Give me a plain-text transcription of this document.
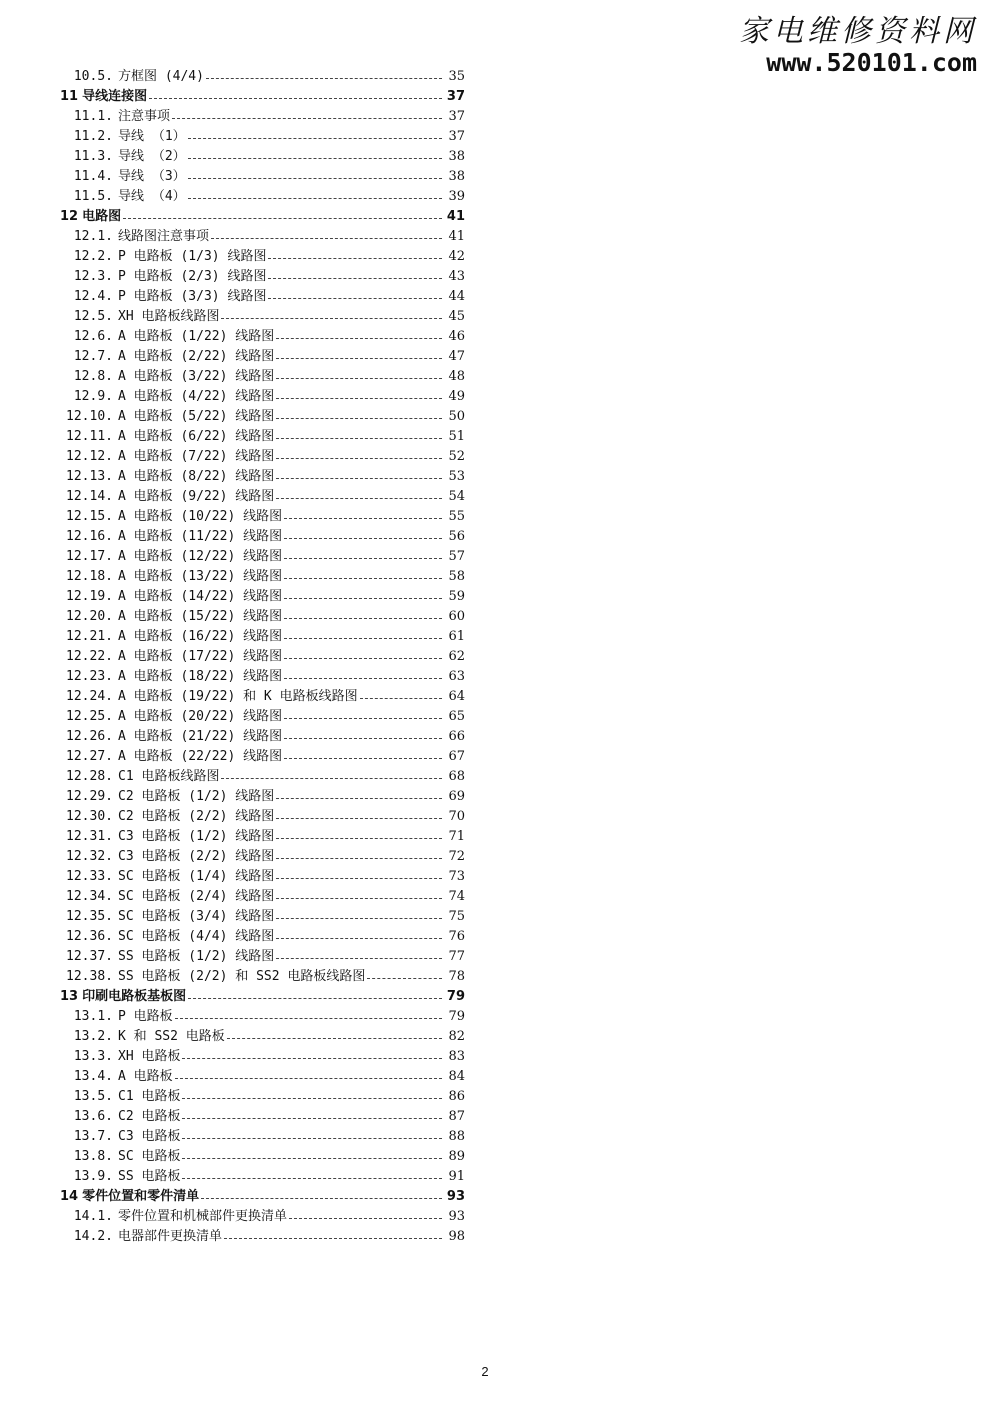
家电维修资料网
www.520101.com
10.5. 方框图 (4/4)	35
11 导线连接图	37
11.1. 注意事项	37
11.2. 导线 （1）	37
11.3. 导线 （2）	38
11.4. 导线 （3）	38
11.5. 导线 （4）	39
12 电路图	41
12.1. 线路图注意事项	41
12.2. P 电路板 (1/3) 线路图	42
12.3. P 电路板 (2/3) 线路图	43
12.4. P 电路板 (3/3) 线路图	44
12.5. XH 电路板线路图	45
12.6. A 电路板 (1/22) 线路图	46
12.7. A 电路板 (2/22) 线路图	47
12.8. A 电路板 (3/22) 线路图	48
12.9. A 电路板 (4/22) 线路图	49
12.10. A 电路板 (5/22) 线路图	50
12.11. A 电路板 (6/22) 线路图	51
12.12. A 电路板 (7/22) 线路图	52
12.13. A 电路板 (8/22) 线路图	53
12.14. A 电路板 (9/22) 线路图	54
12.15. A 电路板 (10/22) 线路图	55
12.16. A 电路板 (11/22) 线路图	56
12.17. A 电路板 (12/22) 线路图	57
12.18. A 电路板 (13/22) 线路图	58
12.19. A 电路板 (14/22) 线路图	59
12.20. A 电路板 (15/22) 线路图	60
12.21. A 电路板 (16/22) 线路图	61
12.22. A 电路板 (17/22) 线路图	62
12.23. A 电路板 (18/22) 线路图	63
12.24. A 电路板 (19/22) 和 K 电路板线路图	64
12.25. A 电路板 (20/22) 线路图	65
12.26. A 电路板 (21/22) 线路图	66
12.27. A 电路板 (22/22) 线路图	67
12.28. C1 电路板线路图	68
12.29. C2 电路板 (1/2) 线路图	69
12.30. C2 电路板 (2/2) 线路图	70
12.31. C3 电路板 (1/2) 线路图	71
12.32. C3 电路板 (2/2) 线路图	72
12.33. SC 电路板 (1/4) 线路图	73
12.34. SC 电路板 (2/4) 线路图	74
12.35. SC 电路板 (3/4) 线路图	75
12.36. SC 电路板 (4/4) 线路图	76
12.37. SS 电路板 (1/2) 线路图	77
12.38. SS 电路板 (2/2) 和 SS2 电路板线路图	78
13 印刷电路板基板图	79
13.1. P 电路板	79
13.2. K 和 SS2 电路板	82
13.3. XH 电路板	83
13.4. A 电路板	84
13.5. C1 电路板	86
13.6. C2 电路板	87
13.7. C3 电路板	88
13.8. SC 电路板	89
13.9. SS 电路板	91
14 零件位置和零件清单	93
14.1. 零件位置和机械部件更换清单	93
14.2. 电器部件更换清单	98
2
